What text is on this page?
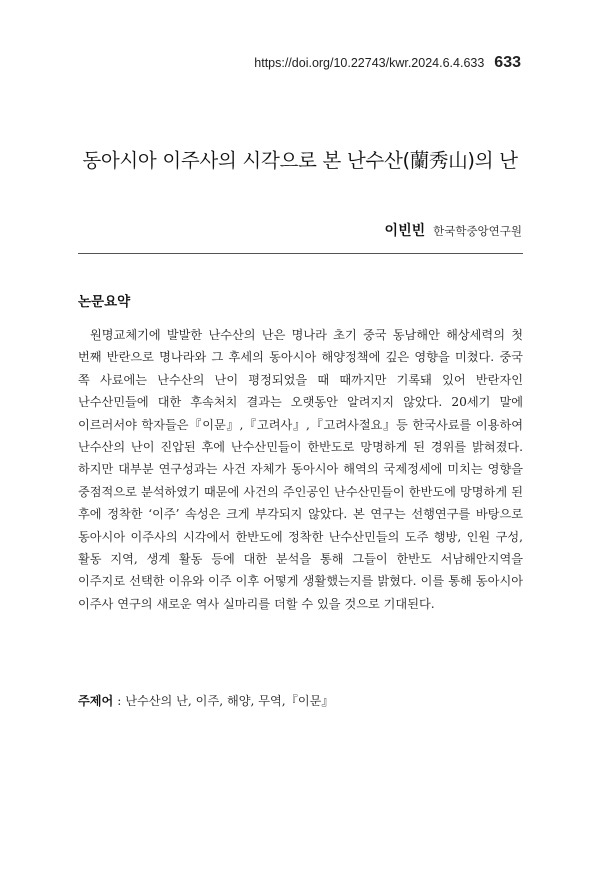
https://doi.org/10.22743/kwr.2024.6.4.633 633
동아시아 이주사의 시각으로 본 난수산(蘭秀山)의 난
이빈빈 한국학중앙연구원
논문요약

원명교체기에 발발한 난수산의 난은 명나라 초기 중국 동남해안 해상세력의 첫 번째 반란으로 명나라와 그 후세의 동아시아 해양정책에 깊은 영향을 미쳤다. 중국 쪽 사료에는 난수산의 난이 평정되었을 때 때까지만 기록돼 있어 반란자인 난수산민들에 대한 후속처치 결과는 오랫동안 알려지지 않았다. 20세기 말에 이르러서야 학자들은『이문』,『고려사』,『고려사절요』등 한국사료를 이용하여 난수산의 난이 진압된 후에 난수산민들이 한반도로 망명하게 된 경위를 밝혀졌다. 하지만 대부분 연구성과는 사건 자체가 동아시아 해역의 국제정세에 미치는 영향을 중점적으로 분석하였기 때문에 사건의 주인공인 난수산민들이 한반도에 망명하게 된 후에 정착한 ‘이주’ 속성은 크게 부각되지 않았다. 본 연구는 선행연구를 바탕으로 동아시아 이주사의 시각에서 한반도에 정착한 난수산민들의 도주 행방, 인원 구성, 활동 지역, 생계 활동 등에 대한 분석을 통해 그들이 한반도 서남해안지역을 이주지로 선택한 이유와 이주 이후 어떻게 생활했는지를 밝혔다. 이를 통해 동아시아 이주사 연구의 새로운 역사 실마리를 더할 수 있을 것으로 기대된다.

주제어 : 난수산의 난, 이주, 해양, 무역,『이문』
